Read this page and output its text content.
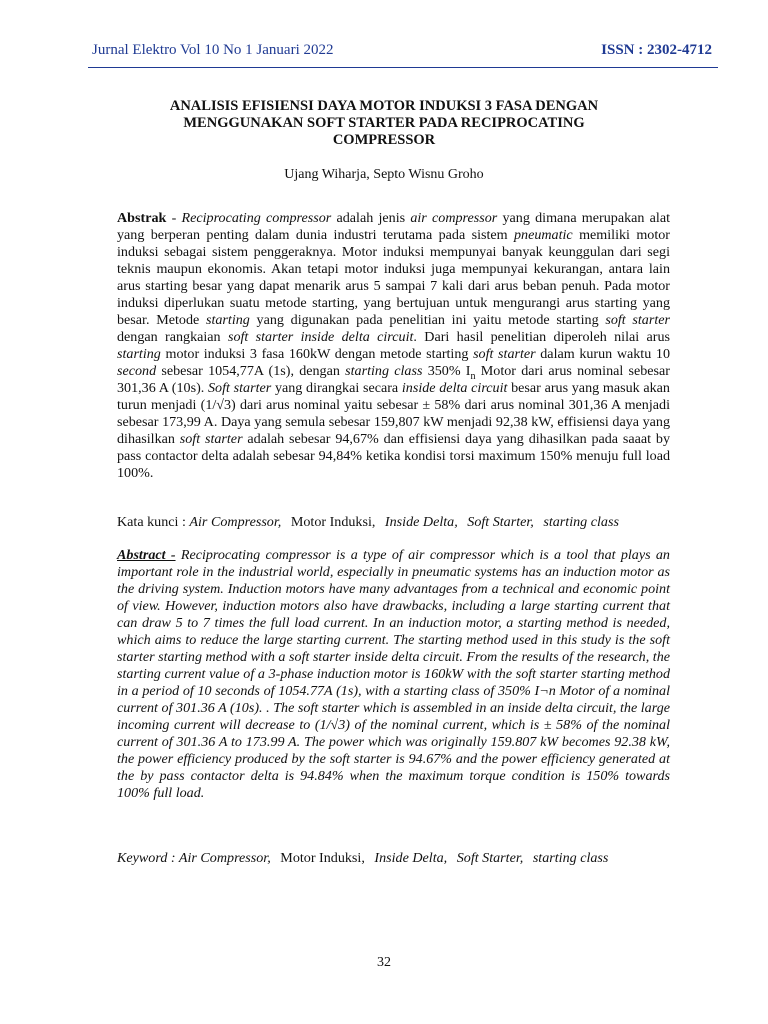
Jurnal Elektro Vol 10 No 1 Januari 2022	ISSN : 2302-4712
ANALISIS EFISIENSI DAYA MOTOR INDUKSI 3 FASA DENGAN
MENGGUNAKAN SOFT STARTER PADA RECIPROCATING
COMPRESSOR
Ujang Wiharja, Septo Wisnu Groho
Abstrak - Reciprocating compressor adalah jenis air compressor yang dimana merupakan alat yang berperan penting dalam dunia industri terutama pada sistem pneumatic memiliki motor induksi sebagai sistem penggeraknya. Motor induksi mempunyai banyak keunggulan dari segi teknis maupun ekonomis. Akan tetapi motor induksi juga mempunyai kekurangan, antara lain arus starting besar yang dapat menarik arus 5 sampai 7 kali dari arus beban penuh. Pada motor induksi diperlukan suatu metode starting, yang bertujuan untuk mengurangi arus starting yang besar. Metode starting yang digunakan pada penelitian ini yaitu metode starting soft starter dengan rangkaian soft starter inside delta circuit. Dari hasil penelitian diperoleh nilai arus starting motor induksi 3 fasa 160kW dengan metode starting soft starter dalam kurun waktu 10 second sebesar 1054,77A (1s), dengan starting class 350% $I_n$ Motor dari arus nominal sebesar 301,36 A (10s). Soft starter yang dirangkai secara inside delta circuit besar arus yang masuk akan turun menjadi (1/√3) dari arus nominal yaitu sebesar ± 58% dari arus nominal 301,36 A menjadi sebesar 173,99 A. Daya yang semula sebesar 159,807 kW menjadi 92,38 kW, effisiensi daya yang dihasilkan soft starter adalah sebesar 94,67% dan effisiensi daya yang dihasilkan pada saaat by pass contactor delta adalah sebesar 94,84% ketika kondisi torsi maximum 150% menuju full load 100%.
Kata kunci : Air Compressor, Motor Induksi, Inside Delta, Soft Starter, starting class
Abstract - Reciprocating compressor is a type of air compressor which is a tool that plays an important role in the industrial world, especially in pneumatic systems has an induction motor as the driving system. Induction motors have many advantages from a technical and economic point of view. However, induction motors also have drawbacks, including a large starting current that can draw 5 to 7 times the full load current. In an induction motor, a starting method is needed, which aims to reduce the large starting current. The starting method used in this study is the soft starter starting method with a soft starter inside delta circuit. From the results of the research, the starting current value of a 3-phase induction motor is 160kW with the soft starter starting method in a period of 10 seconds of 1054.77A (1s), with a starting class of 350% I¬n Motor of a nominal current of 301.36 A (10s). . The soft starter which is assembled in an inside delta circuit, the large incoming current will decrease to (1/√3) of the nominal current, which is ± 58% of the nominal current of 301.36 A to 173.99 A. The power which was originally 159.807 kW becomes 92.38 kW, the power efficiency produced by the soft starter is 94.67% and the power efficiency generated at the by pass contactor delta is 94.84% when the maximum torque condition is 150% towards 100% full load.
Keyword : Air Compressor, Motor Induksi, Inside Delta, Soft Starter, starting class
32
